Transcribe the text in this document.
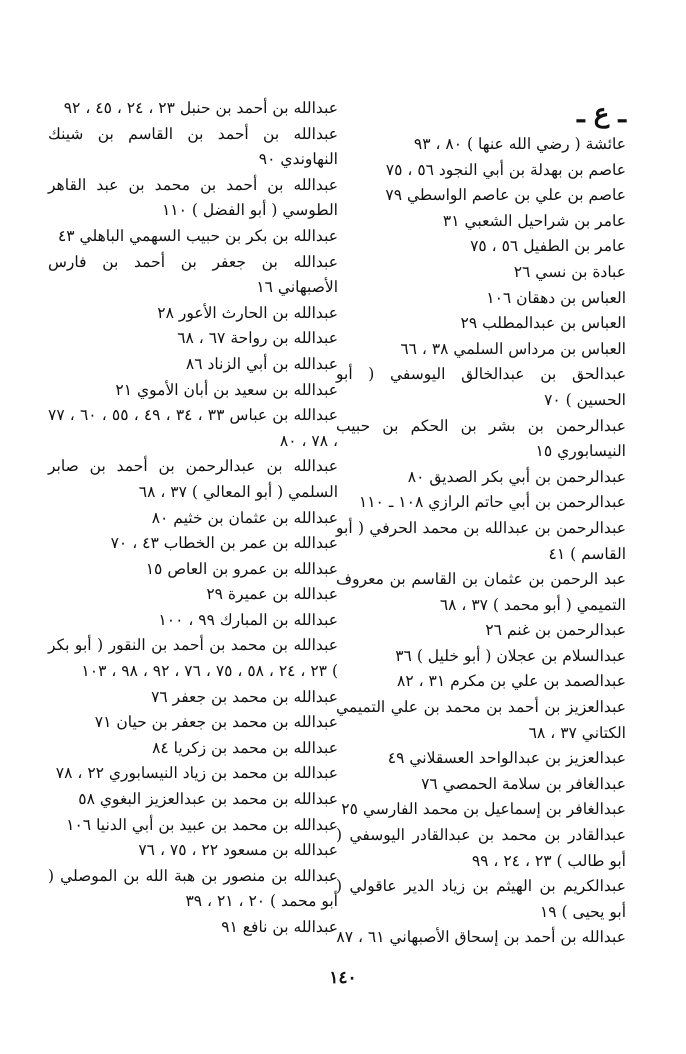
ـ ع ـ

عائشة ( رضي الله عنها ) ٨٠ ، ٩٣

عاصم بن بهدلة بن أبي النجود ٥٦ ، ٧٥

عاصم بن علي بن عاصم الواسطي ٧٩

عامر بن شراحيل الشعبي ٣١

عامر بن الطفيل ٥٦ ، ٧٥

عبادة بن نسي ٢٦

العباس بن دهقان ١٠٦

العباس بن عبدالمطلب ٢٩

العباس بن مرداس السلمي ٣٨ ، ٦٦

عبدالحق بن عبدالخالق اليوسفي ( أبو الحسين ) ٧٠

عبدالرحمن بن بشر بن الحكم بن حبيب النيسابوري ١٥

عبدالرحمن بن أبي بكر الصديق ٨٠

عبدالرحمن بن أبي حاتم الرازي ١٠٨ ـ ١١٠

عبدالرحمن بن عبدالله بن محمد الحرفي ( أبو القاسم ) ٤١

عبد الرحمن بن عثمان بن القاسم بن معروف التميمي ( أبو محمد ) ٣٧ ، ٦٨

عبدالرحمن بن غنم ٢٦

عبدالسلام بن عجلان ( أبو خليل ) ٣٦

عبدالصمد بن علي بن مكرم ٣١ ، ٨٢

عبدالعزيز بن أحمد بن محمد بن علي التميمي الكتاني ٣٧ ، ٦٨

عبدالعزيز بن عبدالواحد العسقلاني ٤٩

عبدالغافر بن سلامة الحمصي ٧٦

عبدالغافر بن إسماعيل بن محمد الفارسي ٢٥

عبدالقادر بن محمد بن عبدالقادر اليوسفي ( أبو طالب ) ٢٣ ، ٢٤ ، ٩٩

عبدالكريم بن الهيثم بن زياد الدير عاقولي ( أبو يحيى ) ١٩

عبدالله بن أحمد بن إسحاق الأصبهاني ٦١ ، ٨٧

عبدالله بن أحمد بن حنبل ٢٣ ، ٢٤ ، ٤٥ ، ٩٢

عبدالله بن أحمد بن القاسم بن شينك النهاوندي ٩٠

عبدالله بن أحمد بن محمد بن عبد القاهر الطوسي ( أبو الفضل ) ١١٠

عبدالله بن بكر بن حبيب السهمي الباهلي ٤٣

عبدالله بن جعفر بن أحمد بن فارس الأصبهاني ١٦

عبدالله بن الحارث الأعور ٢٨

عبدالله بن رواحة ٦٧ ، ٦٨

عبدالله بن أبي الزناد ٨٦

عبدالله بن سعيد بن أبان الأموي ٢١

عبدالله بن عباس ٣٣ ، ٣٤ ، ٤٩ ، ٥٥ ، ٦٠ ، ٧٧ ، ٧٨ ، ٨٠

عبدالله بن عبدالرحمن بن أحمد بن صابر السلمي ( أبو المعالي ) ٣٧ ، ٦٨

عبدالله بن عثمان بن خثيم ٨٠

عبدالله بن عمر بن الخطاب ٤٣ ، ٧٠

عبدالله بن عمرو بن العاص ١٥

عبدالله بن عميرة ٢٩

عبدالله بن المبارك ٩٩ ، ١٠٠

عبدالله بن محمد بن أحمد بن النقور ( أبو بكر ) ٢٣ ، ٢٤ ، ٥٨ ، ٧٥ ، ٧٦ ، ٩٢ ، ٩٨ ، ١٠٣

عبدالله بن محمد بن جعفر ٧٦

عبدالله بن محمد بن جعفر بن حيان ٧١

عبدالله بن محمد بن زكريا ٨٤

عبدالله بن محمد بن زياد النيسابوري ٢٢ ، ٧٨

عبدالله بن محمد بن عبدالعزيز البغوي ٥٨

عبدالله بن محمد بن عبيد بن أبي الدنيا ١٠٦

عبدالله بن مسعود ٢٢ ، ٧٥ ، ٧٦

عبدالله بن منصور بن هبة الله بن الموصلي ( أبو محمد ) ٢٠ ، ٢١ ، ٣٩

عبدالله بن نافع ٩١

١٤٠
